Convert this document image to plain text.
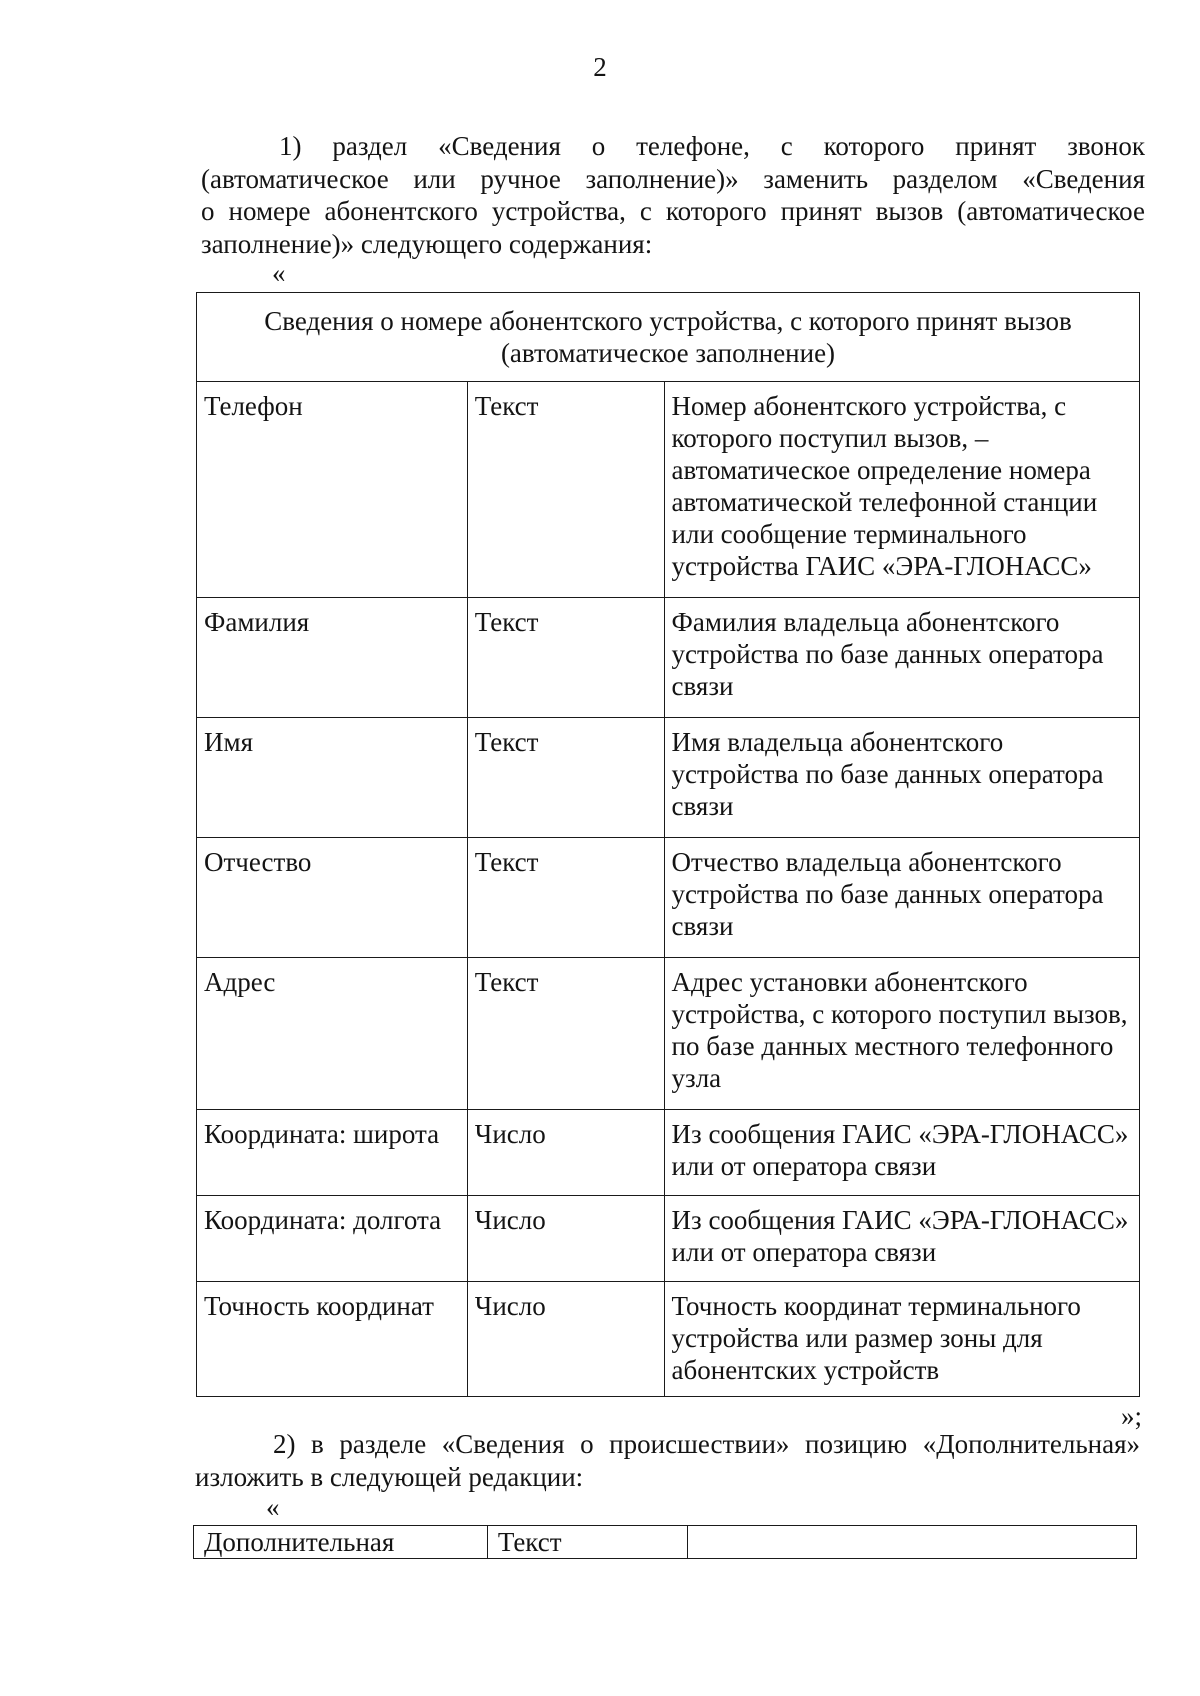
2
1) раздел «Сведения о телефоне, с которого принят звонок
(автоматическое или ручное заполнение)» заменить разделом «Сведения
о номере абонентского устройства, с которого принят вызов (автоматическое
заполнение)» следующего содержания:
«
Сведения о номере абонентского устройства, с которого принят вызов (автоматическое заполнение)		
Телефон	Текст	Номер абонентского устройства, с которого поступил вызов, – автоматическое определение номера автоматической телефонной станции или сообщение терминального устройства ГАИС «ЭРА-ГЛОНАСС»
Фамилия	Текст	Фамилия владельца абонентского устройства по базе данных оператора связи
Имя	Текст	Имя владельца абонентского устройства по базе данных оператора связи
Отчество	Текст	Отчество владельца абонентского устройства по базе данных оператора связи
Адрес	Текст	Адрес установки абонентского устройства, с которого поступил вызов, по базе данных местного телефонного узла
Координата: широта	Число	Из сообщения ГАИС «ЭРА-ГЛОНАСС» или от оператора связи
Координата: долгота	Число	Из сообщения ГАИС «ЭРА-ГЛОНАСС» или от оператора связи
Точность координат	Число	Точность координат терминального устройства или размер зоны для абонентских устройств
»;
2) в разделе «Сведения о происшествии» позицию «Дополнительная»
изложить в следующей редакции:
«
Дополнительная	Текст	
